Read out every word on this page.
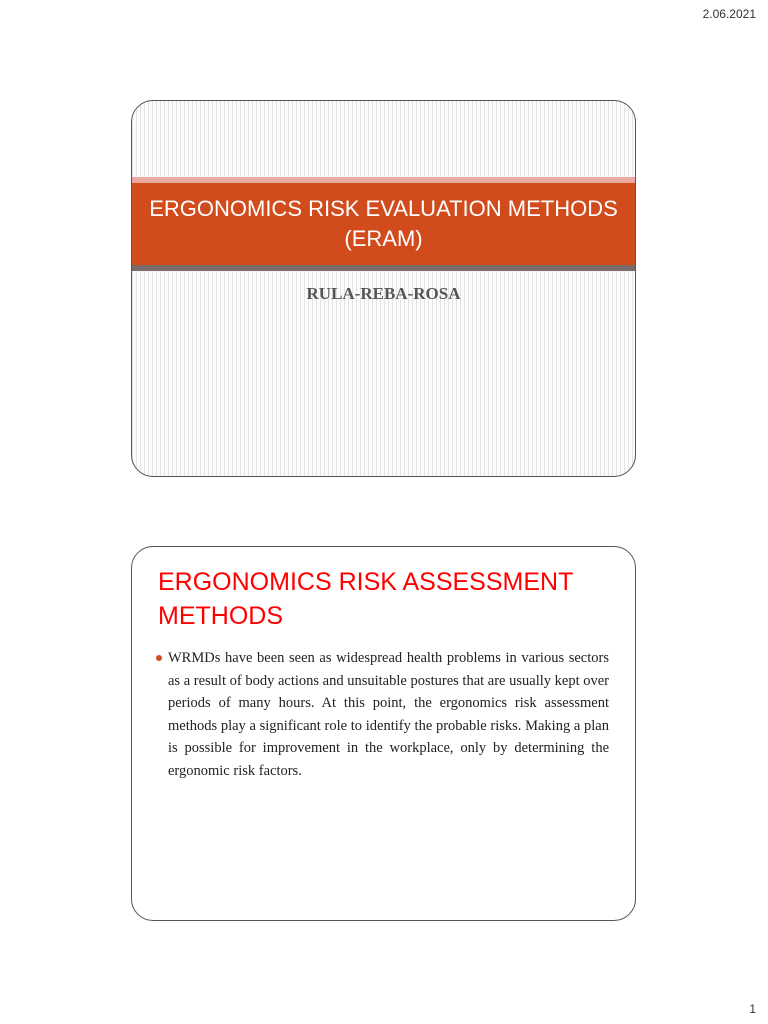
2.06.2021
ERGONOMICS RISK EVALUATION METHODS (ERAM)
RULA-REBA-ROSA
ERGONOMICS RISK ASSESSMENT METHODS
WRMDs have been seen as widespread health problems in various sectors as a result of body actions and unsuitable postures that are usually kept over periods of many hours. At this point, the ergonomics risk assessment methods play a significant role to identify the probable risks. Making a plan is possible for improvement in the workplace, only by determining the ergonomic risk factors.
1
